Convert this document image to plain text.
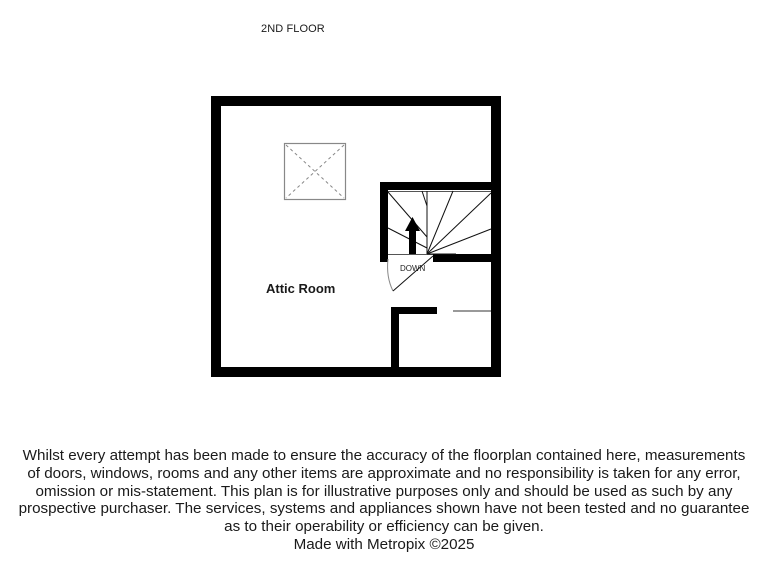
2ND FLOOR
Attic Room
DOWN

Whilst every attempt has been made to ensure the accuracy of the floorplan contained here, measurements

of doors, windows, rooms and any other items are approximate and no responsibility is taken for any error,

omission or mis-statement. This plan is for illustrative purposes only and should be used as such by any

prospective purchaser. The services, systems and appliances shown have not been tested and no guarantee

as to their operability or efficiency can be given.

Made with Metropix ©2025
